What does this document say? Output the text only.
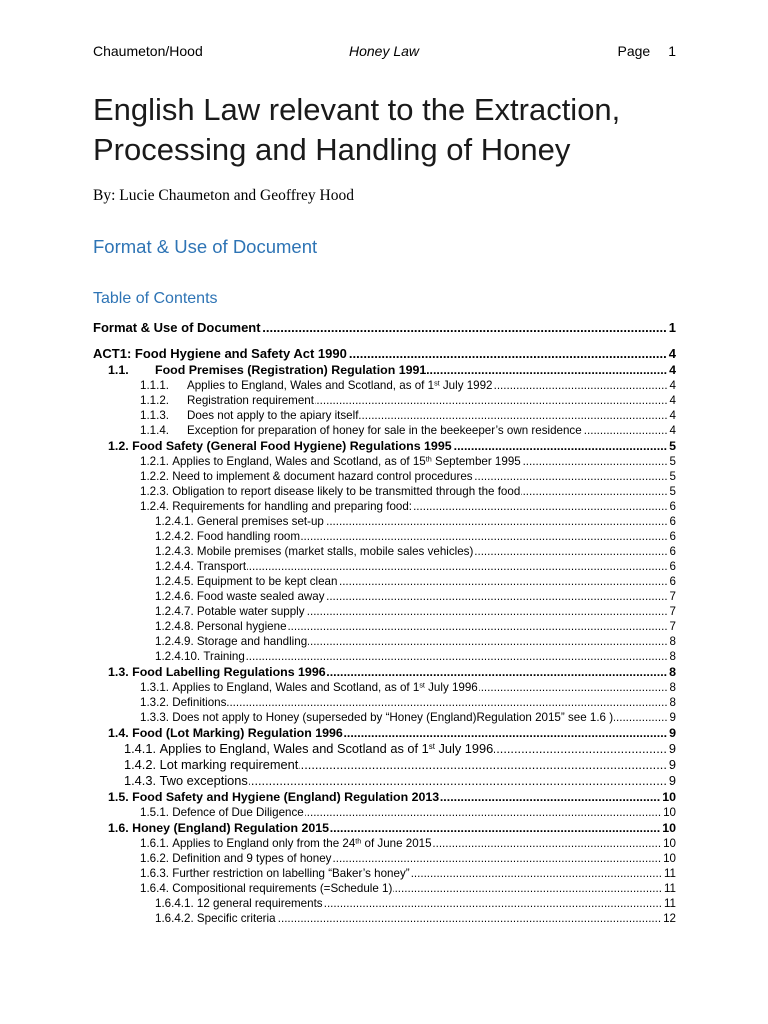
Chaumeton/Hood	Honey Law	Page 1
English Law relevant to the Extraction, Processing and Handling of Honey
By: Lucie Chaumeton and Geoffrey Hood
Format & Use of Document
Table of Contents
Format & Use of Document .....	1
ACT1: Food Hygiene and Safety Act 1990 .....	4
1.1.	Food Premises (Registration) Regulation 1991 .....	4
1.1.1.	Applies to England, Wales and Scotland, as of 1st July 1992 .....	4
1.1.2.	Registration requirement .....	4
1.1.3.	Does not apply to the apiary itself .....	4
1.1.4.	Exception for preparation of honey for sale in the beekeeper’s own residence .....	4
1.2. Food Safety (General Food Hygiene) Regulations 1995 .....	5
1.2.1. Applies to England, Wales and Scotland, as of 15th September 1995 .....	5
1.2.2. Need to implement & document hazard control procedures .....	5
1.2.3. Obligation to report disease likely to be transmitted through the food .....	5
1.2.4. Requirements for handling and preparing food: .....	6
1.2.4.1. General premises set-up .....	6
1.2.4.2. Food handling room .....	6
1.2.4.3. Mobile premises (market stalls, mobile sales vehicles) .....	6
1.2.4.4. Transport .....	6
1.2.4.5. Equipment to be kept clean .....	6
1.2.4.6. Food waste sealed away .....	7
1.2.4.7. Potable water supply .....	7
1.2.4.8. Personal hygiene .....	7
1.2.4.9. Storage and handling .....	8
1.2.4.10. Training .....	8
1.3. Food Labelling Regulations 1996 .....	8
1.3.1. Applies to England, Wales and Scotland, as of 1st July 1996 .....	8
1.3.2. Definitions .....	8
1.3.3. Does not apply to Honey (superseded by “Honey (England)Regulation 2015” see 1.6 ) .....	9
1.4. Food (Lot Marking) Regulation 1996 .....	9
1.4.1. Applies to England, Wales and Scotland as of 1st July 1996 .....	9
1.4.2. Lot marking requirement .....	9
1.4.3. Two exceptions .....	9
1.5. Food Safety and Hygiene (England) Regulation 2013 .....	10
1.5.1. Defence of Due Diligence .....	10
1.6. Honey (England) Regulation 2015 .....	10
1.6.1. Applies to England only from the 24th of June 2015 .....	10
1.6.2. Definition and 9 types of honey .....	10
1.6.3. Further restriction on labelling “Baker’s honey” .....	11
1.6.4. Compositional requirements (=Schedule 1) .....	11
1.6.4.1. 12 general requirements .....	11
1.6.4.2. Specific criteria .....	12
